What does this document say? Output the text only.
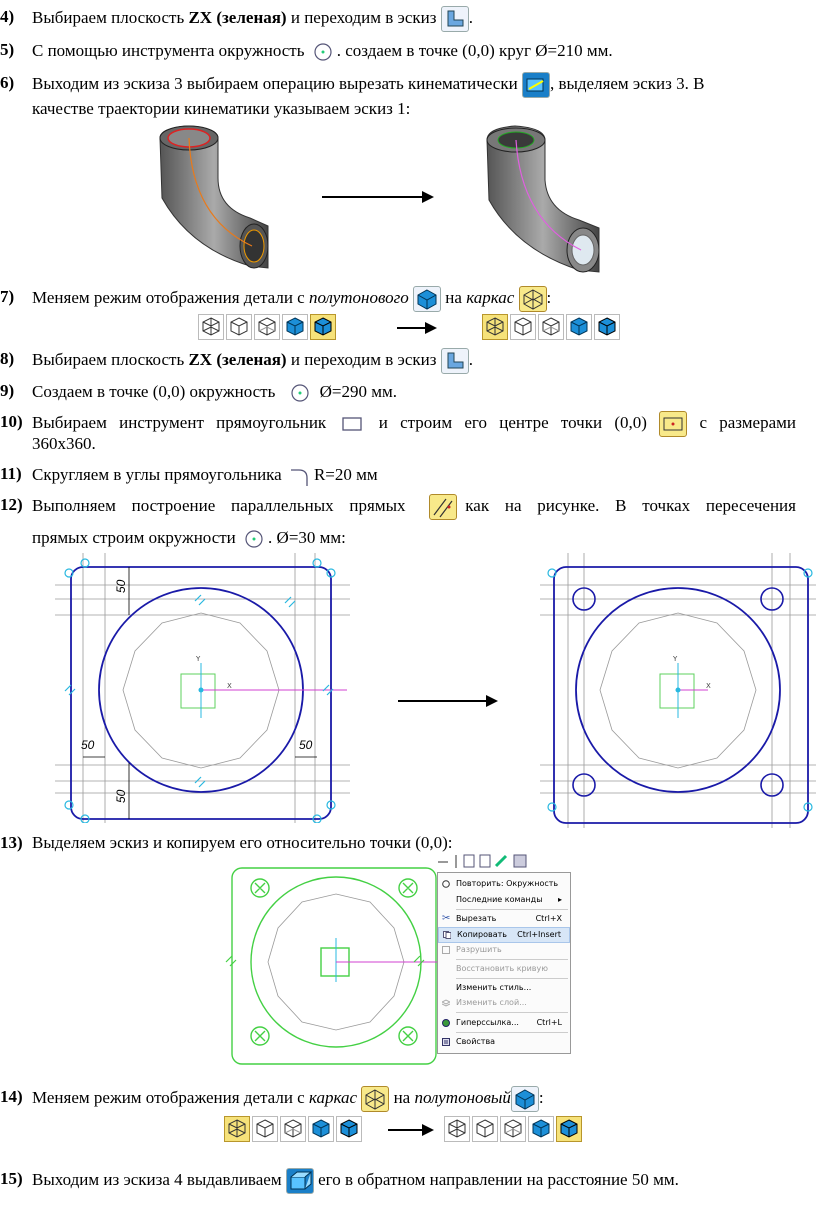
4) Выбираем плоскость ZX (зеленая) и переходим в эскиз
.
5) С помощью инструмента окружность
. создаем в точке (0,0) круг Ø=210 мм.
6) Выходим из эскиза 3 выбираем операцию вырезать кинематически
, выделяем эскиз 3. В
качестве траектории кинематики указываем эскиз 1:
7) Меняем режим отображения детали с полутонового
на каркас :
8) Выбираем плоскость ZX (зеленая) и переходим в эскиз
.
9) Создаем в точке (0,0) окружность
Ø=290 мм.
10) Выбираем инструмент прямоугольник
и строим его центре точки (0,0)
с размерами
360х360.
11) Скругляем в углы прямоугольника
R=20 мм
12) Выполняем построение параллельных прямых	как на рисунке. В точках пересечения
прямых строим окружности
. Ø=30 мм:
50
50
50	50
Y
X
Y
X
13) Выделяем эскиз и копируем его относительно точки (0,0):
Повторить: Окружность
Последние команды ▸
✂ Вырезать	Ctrl+X
Копировать Ctrl+Insert
Разрушить
Восстановить кривую
Изменить стиль...
Изменить слой...
Гиперссылка... Ctrl+L
Свойства
14) Меняем режим отображения детали с каркас
на полутоновый :
15) Выходим из эскиза 4 выдавливаем
его в обратном направлении на расстояние 50 мм.
